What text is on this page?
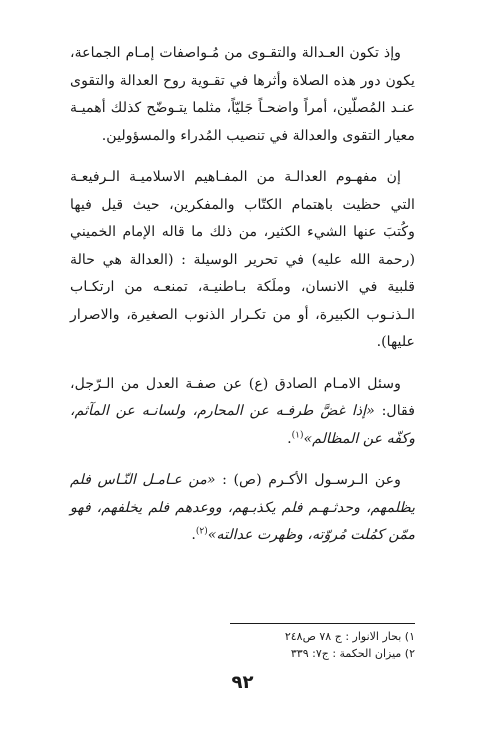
وإذ تكون العـدالة والتقـوى من مُـواصفات إمـام الجماعة، يكون دور هذه الصلاة وأثرها في تقـوية روح العدالة والتقوى عنـد المُصلّين، أمراً واضحـاً جَليّاً، مثلما يتـوضّح كذلك أهميـة معيار التقوى والعدالة في تنصيب المُدراء والمسؤولين.

إن مفهـوم العدالـة من المفـاهيم الاسلاميـة الـرفيعـة التي حظيت باهتمام الكتّاب والمفكرين، حيث قيل فيها وكُتبَ عنها الشيء الكثير، من ذلك ما قاله الإمام الخميني (رحمة الله عليه) في تحرير الوسيلة : (العدالة هي حالة قلبية في الانسان، وملَكة بـاطنيـة، تمنعـه من ارتكـاب الـذنـوب الكبيرة، أو من تكـرار الذنوب الصغيرة، والاصرار عليها).

وسئل الامـام الصادق (ع) عن صفـة العدل من الـرّجل، فقال: «إذا غضَّ طرفـه عن المحارم، ولسانـه عن المآثم، وكفّه عن المظالم»$^{(١)}$.

وعن الـرسـول الأكـرم (ص) : «من عـامـل النّـاس فلم يظلمهم، وحدثـهـم فلم يكذبـهم، ووعدهم فلم يخلفهم، فهو ممّن كمُلت مُروّته، وظهرت عدالته»$^{(٢)}$.

١) بحار الانوار : ج ٧٨ ص٢٤٨
٢) ميزان الحكمة : ج٧: ٣٣٩
٩٢
